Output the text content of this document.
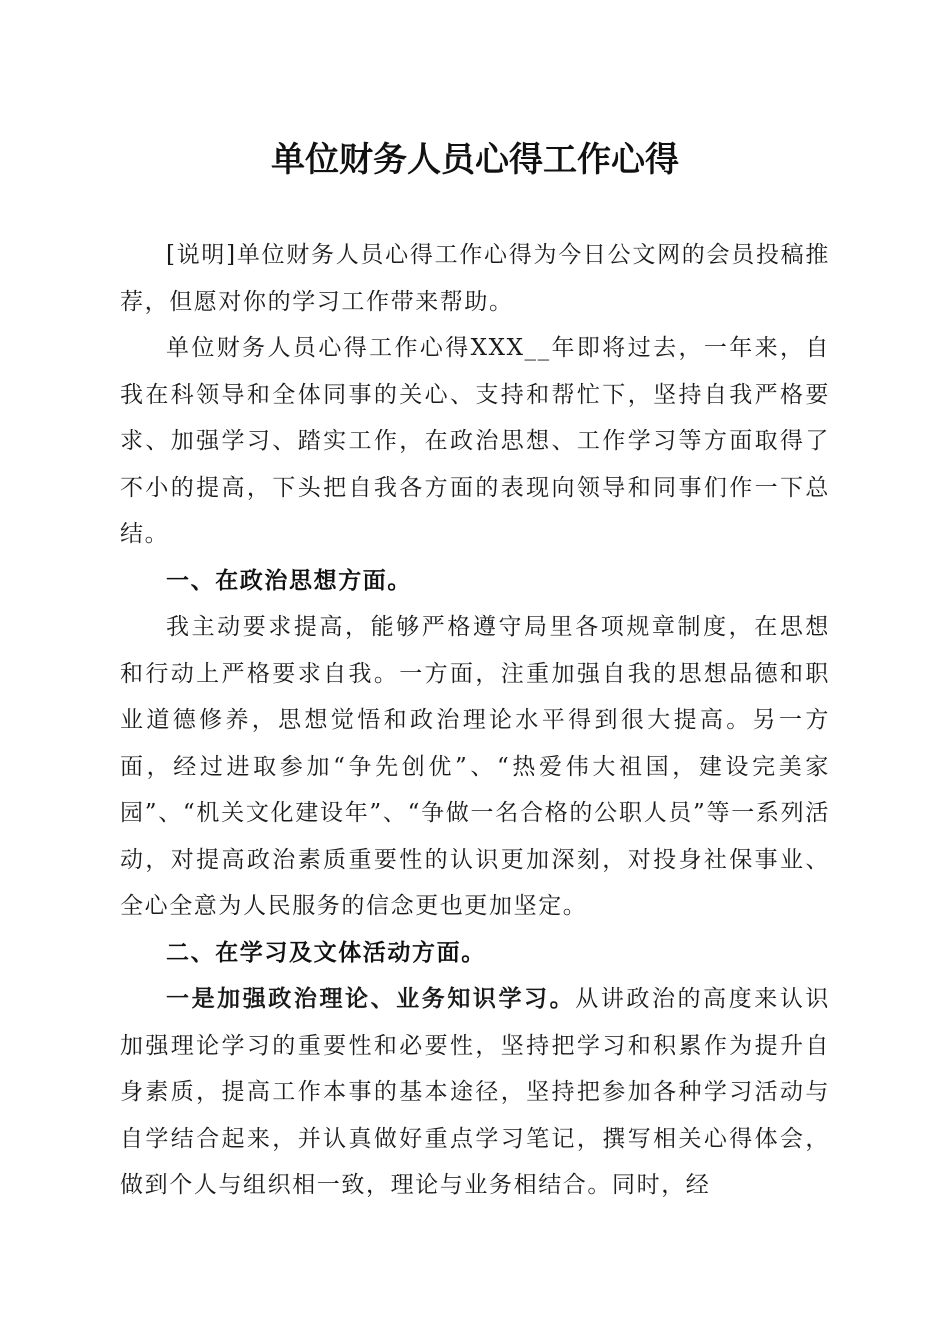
单位财务人员心得工作心得

[说明]单位财务人员心得工作心得为今日公文网的会员投稿推荐，但愿对你的学习工作带来帮助。

单位财务人员心得工作心得XXX__年即将过去，一年来，自我在科领导和全体同事的关心、支持和帮忙下，坚持自我严格要求、加强学习、踏实工作，在政治思想、工作学习等方面取得了不小的提高，下头把自我各方面的表现向领导和同事们作一下总结。

一、在政治思想方面。

我主动要求提高，能够严格遵守局里各项规章制度，在思想和行动上严格要求自我。一方面，注重加强自我的思想品德和职业道德修养，思想觉悟和政治理论水平得到很大提高。另一方面，经过进取参加“争先创优”、“热爱伟大祖国，建设完美家园”、“机关文化建设年”、“争做一名合格的公职人员”等一系列活动，对提高政治素质重要性的认识更加深刻，对投身社保事业、全心全意为人民服务的信念更也更加坚定。

二、在学习及文体活动方面。

一是加强政治理论、业务知识学习。从讲政治的高度来认识加强理论学习的重要性和必要性，坚持把学习和积累作为提升自身素质，提高工作本事的基本途径，坚持把参加各种学习活动与自学结合起来，并认真做好重点学习笔记，撰写相关心得体会，做到个人与组织相一致，理论与业务相结合。同时，经
